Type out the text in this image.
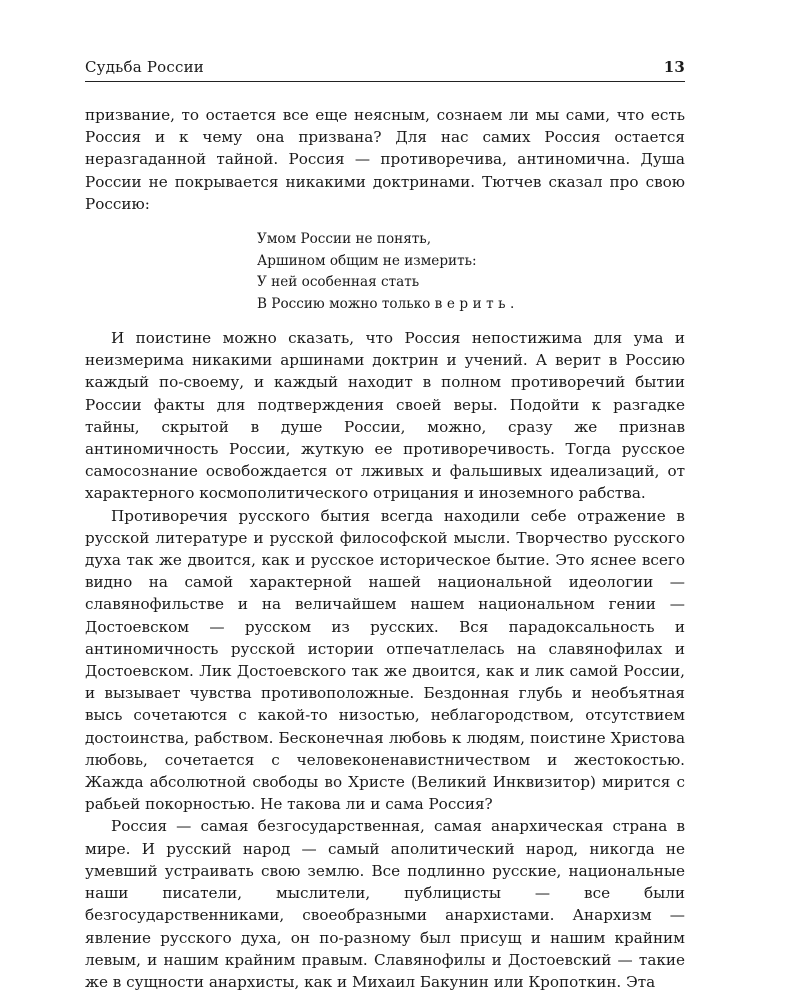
Судьба России	13

призвание, то остается все еще неясным, сознаем ли мы сами, что есть Россия и к чему она призвана? Для нас самих Россия остается неразгаданной тайной. Россия — противоречива, антиномична. Душа России не покрывается никакими доктринами. Тютчев сказал про свою Россию:

Умом России не понять,
Аршином общим не измерить:
У ней особенная стать
В Россию можно только верить.

И поистине можно сказать, что Россия непостижима для ума и неизмерима никакими аршинами доктрин и учений. А верит в Россию каждый по-своему, и каждый находит в полном противоречий бытии России факты для подтверждения своей веры. Подойти к разгадке тайны, скрытой в душе России, можно, сразу же признав антиномичность России, жуткую ее противоречивость. Тогда русское самосознание освобождается от лживых и фальшивых идеализаций, от характерного космополитического отрицания и иноземного рабства.

Противоречия русского бытия всегда находили себе отражение в русской литературе и русской философской мысли. Творчество русского духа так же двоится, как и русское историческое бытие. Это яснее всего видно на самой характерной нашей национальной идеологии — славянофильстве и на величайшем нашем национальном гении — Достоевском — русском из русских. Вся парадоксальность и антиномичность русской истории отпечатлелась на славянофилах и Достоевском. Лик Достоевского так же двоится, как и лик самой России, и вызывает чувства противоположные. Бездонная глубь и необъятная высь сочетаются с какой-то низостью, неблагородством, отсутствием достоинства, рабством. Бесконечная любовь к людям, поистине Христова любовь, сочетается с человеконенавистничеством и жестокостью. Жажда абсолютной свободы во Христе (Великий Инквизитор) мирится с рабьей покорностью. Не такова ли и сама Россия?

Россия — самая безгосударственная, самая анархическая страна в мире. И русский народ — самый аполитический народ, никогда не умевший устраивать свою землю. Все подлинно русские, национальные наши писатели, мыслители, публицисты — все были безгосударственниками, своеобразными анархистами. Анархизм — явление русского духа, он по-разному был присущ и нашим крайним левым, и нашим крайним правым. Славянофилы и Достоевский — такие же в сущности анархисты, как и Михаил Бакунин или Кропоткин. Эта
